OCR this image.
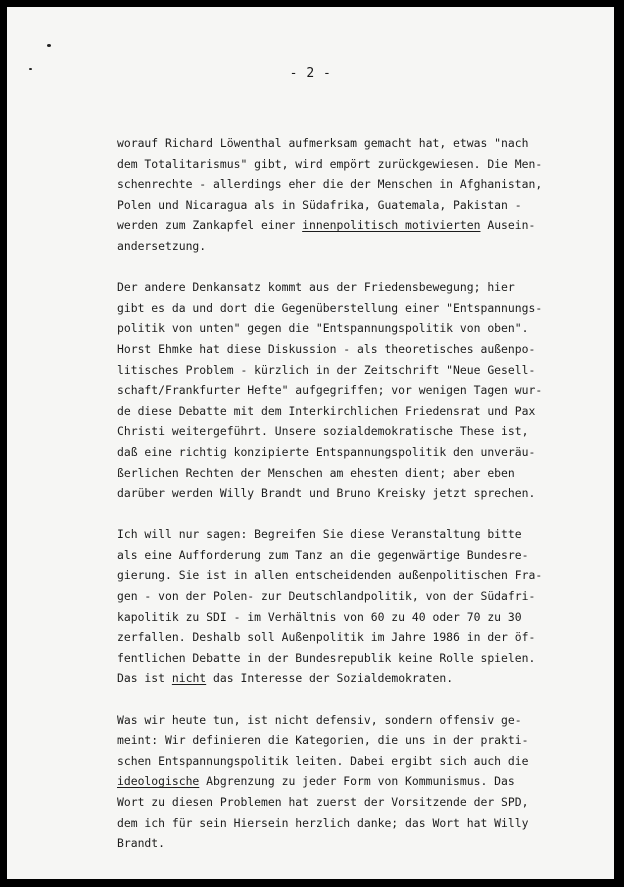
- 2 -
worauf Richard Löwenthal aufmerksam gemacht hat, etwas "nach
dem Totalitarismus" gibt, wird empört zurückgewiesen. Die Men-
schenrechte - allerdings eher die der Menschen in Afghanistan,
Polen und Nicaragua als in Südafrika, Guatemala, Pakistan -
werden zum Zankapfel einer innenpolitisch motivierten Ausein-
andersetzung.
Der andere Denkansatz kommt aus der Friedensbewegung; hier
gibt es da und dort die Gegenüberstellung einer "Entspannungs-
politik von unten" gegen die "Entspannungspolitik von oben".
Horst Ehmke hat diese Diskussion - als theoretisches außenpo-
litisches Problem - kürzlich in der Zeitschrift "Neue Gesell-
schaft/Frankfurter Hefte" aufgegriffen; vor wenigen Tagen wur-
de diese Debatte mit dem Interkirchlichen Friedensrat und Pax
Christi weitergeführt. Unsere sozialdemokratische These ist,
daß eine richtig konzipierte Entspannungspolitik den unveräu-
ßerlichen Rechten der Menschen am ehesten dient; aber eben
darüber werden Willy Brandt und Bruno Kreisky jetzt sprechen.
Ich will nur sagen: Begreifen Sie diese Veranstaltung bitte
als eine Aufforderung zum Tanz an die gegenwärtige Bundesre-
gierung. Sie ist in allen entscheidenden außenpolitischen Fra-
gen - von der Polen- zur Deutschlandpolitik, von der Südafri-
kapolitik zu SDI - im Verhältnis von 60 zu 40 oder 70 zu 30
zerfallen. Deshalb soll Außenpolitik im Jahre 1986 in der öf-
fentlichen Debatte in der Bundesrepublik keine Rolle spielen.
Das ist nicht das Interesse der Sozialdemokraten.
Was wir heute tun, ist nicht defensiv, sondern offensiv ge-
meint: Wir definieren die Kategorien, die uns in der prakti-
schen Entspannungspolitik leiten. Dabei ergibt sich auch die
ideologische Abgrenzung zu jeder Form von Kommunismus. Das
Wort zu diesen Problemen hat zuerst der Vorsitzende der SPD,
dem ich für sein Hiersein herzlich danke; das Wort hat Willy
Brandt.
